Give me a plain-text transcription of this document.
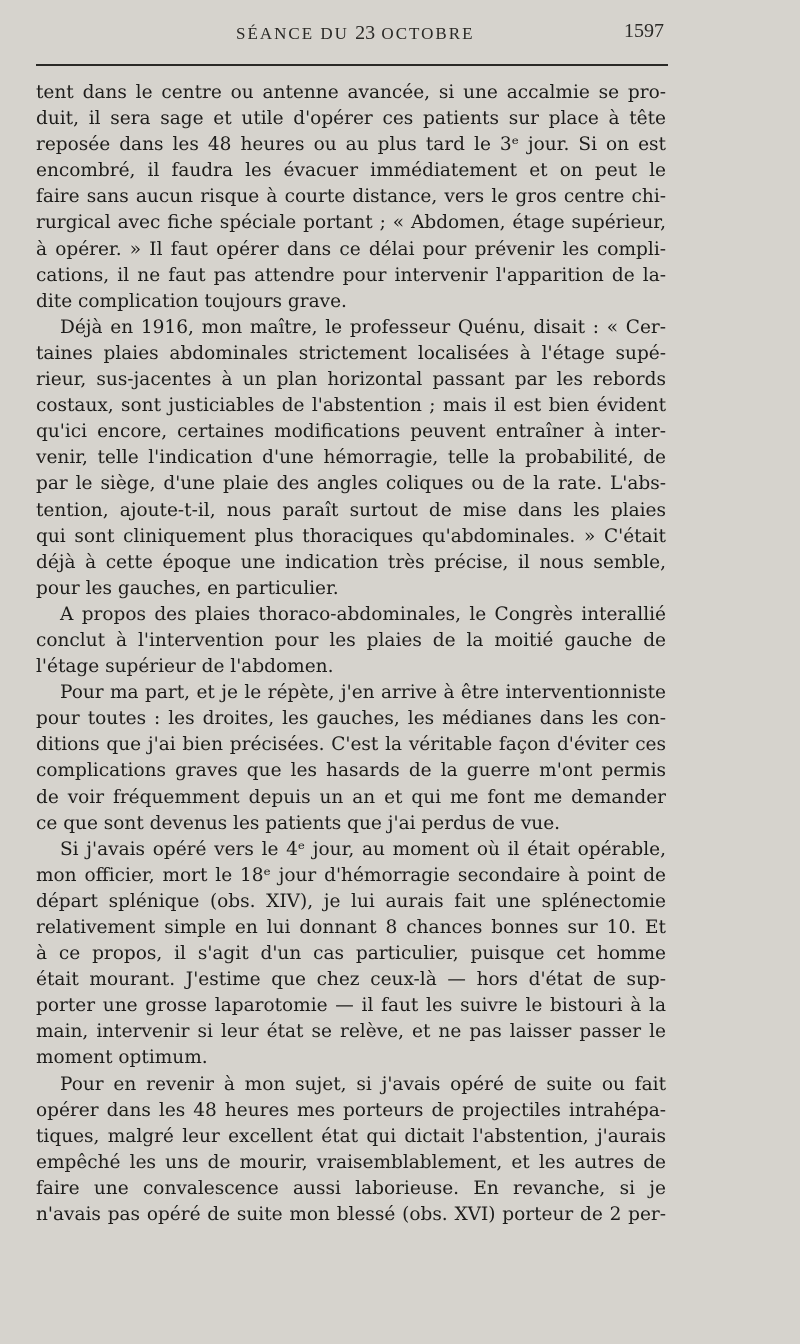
SÉANCE DU 23 OCTOBRE	1597
tent dans le centre ou antenne avancée, si une accalmie se pro-
duit, il sera sage et utile d'opérer ces patients sur place à tête
reposée dans les 48 heures ou au plus tard le 3ᵉ jour. Si on est
encombré, il faudra les évacuer immédiatement et on peut le
faire sans aucun risque à courte distance, vers le gros centre chi-
rurgical avec fiche spéciale portant ; « Abdomen, étage supérieur,
à opérer. » Il faut opérer dans ce délai pour prévenir les compli-
cations, il ne faut pas attendre pour intervenir l'apparition de la-
dite complication toujours grave.
Déjà en 1916, mon maître, le professeur Quénu, disait : « Cer-
taines plaies abdominales strictement localisées à l'étage supé-
rieur, sus-jacentes à un plan horizontal passant par les rebords
costaux, sont justiciables de l'abstention ; mais il est bien évident
qu'ici encore, certaines modifications peuvent entraîner à inter-
venir, telle l'indication d'une hémorragie, telle la probabilité, de
par le siège, d'une plaie des angles coliques ou de la rate. L'abs-
tention, ajoute-t-il, nous paraît surtout de mise dans les plaies
qui sont cliniquement plus thoraciques qu'abdominales. » C'était
déjà à cette époque une indication très précise, il nous semble,
pour les gauches, en particulier.
A propos des plaies thoraco-abdominales, le Congrès interallié
conclut à l'intervention pour les plaies de la moitié gauche de
l'étage supérieur de l'abdomen.
Pour ma part, et je le répète, j'en arrive à être interventionniste
pour toutes : les droites, les gauches, les médianes dans les con-
ditions que j'ai bien précisées. C'est la véritable façon d'éviter ces
complications graves que les hasards de la guerre m'ont permis
de voir fréquemment depuis un an et qui me font me demander
ce que sont devenus les patients que j'ai perdus de vue.
Si j'avais opéré vers le 4ᵉ jour, au moment où il était opérable,
mon officier, mort le 18ᵉ jour d'hémorragie secondaire à point de
départ splénique (obs. XIV), je lui aurais fait une splénectomie
relativement simple en lui donnant 8 chances bonnes sur 10. Et
à ce propos, il s'agit d'un cas particulier, puisque cet homme
était mourant. J'estime que chez ceux-là — hors d'état de sup-
porter une grosse laparotomie — il faut les suivre le bistouri à la
main, intervenir si leur état se relève, et ne pas laisser passer le
moment optimum.
Pour en revenir à mon sujet, si j'avais opéré de suite ou fait
opérer dans les 48 heures mes porteurs de projectiles intrahépa-
tiques, malgré leur excellent état qui dictait l'abstention, j'aurais
empêché les uns de mourir, vraisemblablement, et les autres de
faire une convalescence aussi laborieuse. En revanche, si je
n'avais pas opéré de suite mon blessé (obs. XVI) porteur de 2 per-
